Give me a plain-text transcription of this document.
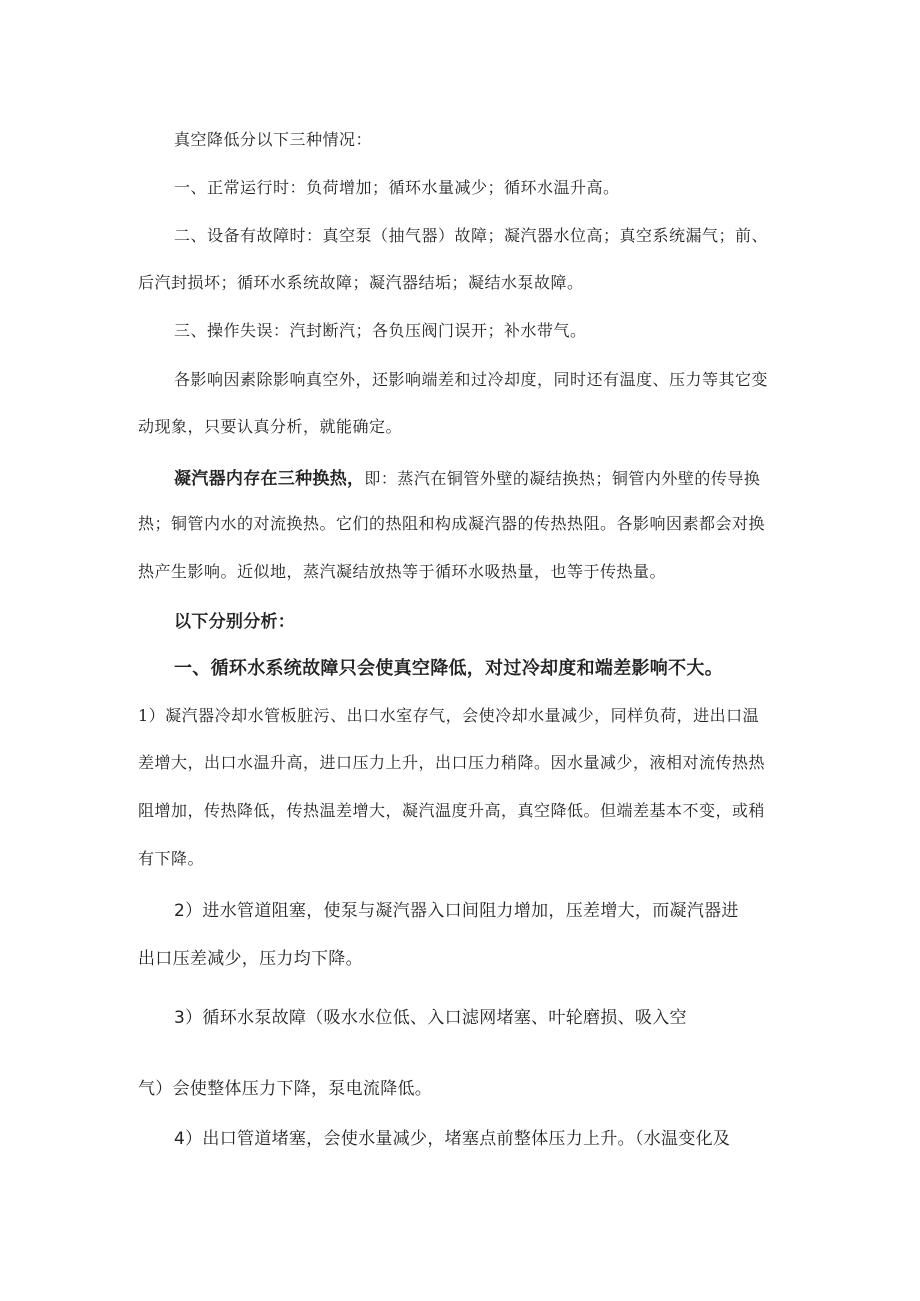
真空降低分以下三种情况：
一、正常运行时：负荷增加；循环水量减少；循环水温升高。
二、设备有故障时：真空泵（抽气器）故障；凝汽器水位高；真空系统漏气；前、
后汽封损坏；循环水系统故障；凝汽器结垢；凝结水泵故障。
三、操作失误：汽封断汽；各负压阀门误开；补水带气。
各影响因素除影响真空外，还影响端差和过冷却度，同时还有温度、压力等其它变
动现象，只要认真分析，就能确定。
凝汽器内存在三种换热，即：蒸汽在铜管外壁的凝结换热；铜管内外壁的传导换
热；铜管内水的对流换热。它们的热阻和构成凝汽器的传热热阻。各影响因素都会对换
热产生影响。近似地，蒸汽凝结放热等于循环水吸热量，也等于传热量。
以下分别分析：
一、循环水系统故障只会使真空降低，对过冷却度和端差影响不大。
1）凝汽器冷却水管板脏污、出口水室存气，会使冷却水量减少，同样负荷，进出口温
差增大，出口水温升高，进口压力上升，出口压力稍降。因水量减少，液相对流传热热
阻增加，传热降低，传热温差增大，凝汽温度升高，真空降低。但端差基本不变，或稍
有下降。
2）进水管道阻塞，使泵与凝汽器入口间阻力增加，压差增大，而凝汽器进
出口压差减少，压力均下降。
3）循环水泵故障（吸水水位低、入口滤网堵塞、叶轮磨损、吸入空
气）会使整体压力下降，泵电流降低。
4）出口管道堵塞，会使水量减少，堵塞点前整体压力上升。（水温变化及
